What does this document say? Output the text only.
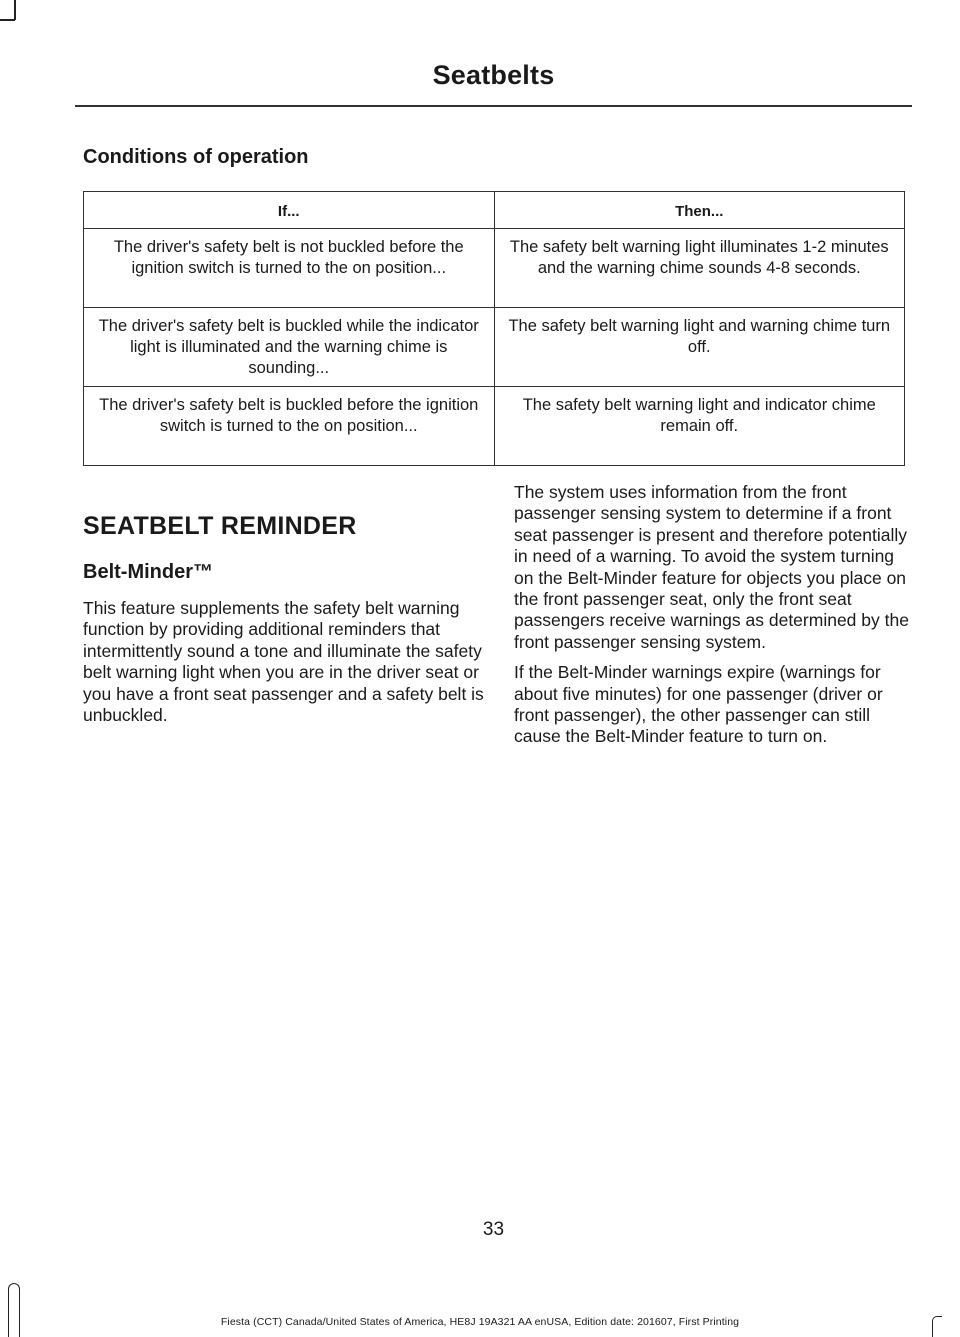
Seatbelts
Conditions of operation
If...	Then...
The driver's safety belt is not buckled before the ignition switch is turned to the on position...	The safety belt warning light illuminates 1-2 minutes and the warning chime sounds 4-8 seconds.
The driver's safety belt is buckled while the indicator light is illuminated and the warning chime is sounding...	The safety belt warning light and warning chime turn off.
The driver's safety belt is buckled before the ignition switch is turned to the on position...	The safety belt warning light and indicator chime remain off.
SEATBELT REMINDER
Belt-Minder™

This feature supplements the safety belt warning function by providing additional reminders that intermittently sound a tone and illuminate the safety belt warning light when you are in the driver seat or you have a front seat passenger and a safety belt is unbuckled.

The system uses information from the front passenger sensing system to determine if a front seat passenger is present and therefore potentially in need of a warning. To avoid the system turning on the Belt-Minder feature for objects you place on the front passenger seat, only the front seat passengers receive warnings as determined by the front passenger sensing system.

If the Belt-Minder warnings expire (warnings for about five minutes) for one passenger (driver or front passenger), the other passenger can still cause the Belt-Minder feature to turn on.

33
Fiesta (CCT) Canada/United States of America, HE8J 19A321 AA enUSA, Edition date: 201607, First Printing
